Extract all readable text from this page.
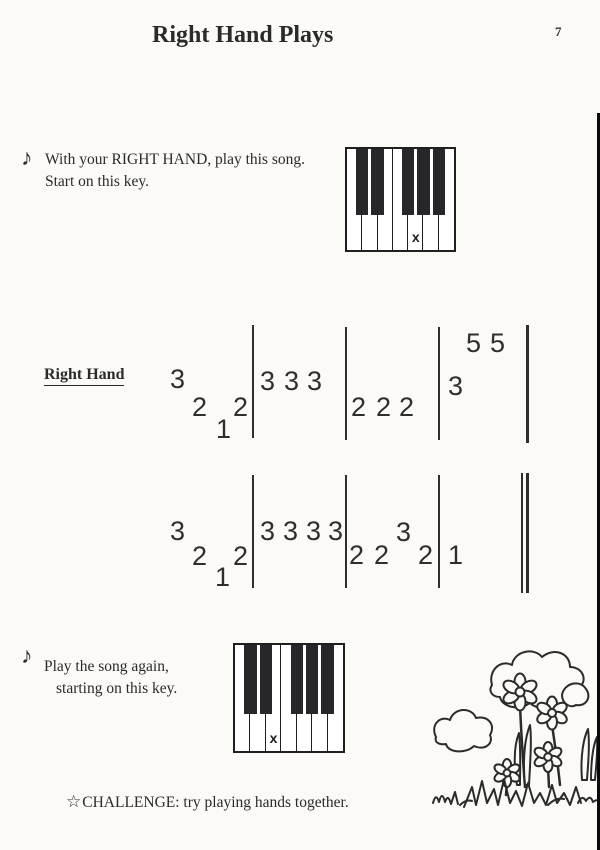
Right Hand Plays	7
♪ With your RIGHT HAND, play this song.
Start on this key.
x
Right Hand 3
2
1
2
3 3 3
2 2 2
3
5 5
3
2
1
2
3 3 3 3
2 2
3
2 1
♪ Play the song again,
starting on this key.
x
☆CHALLENGE: try playing hands together.
